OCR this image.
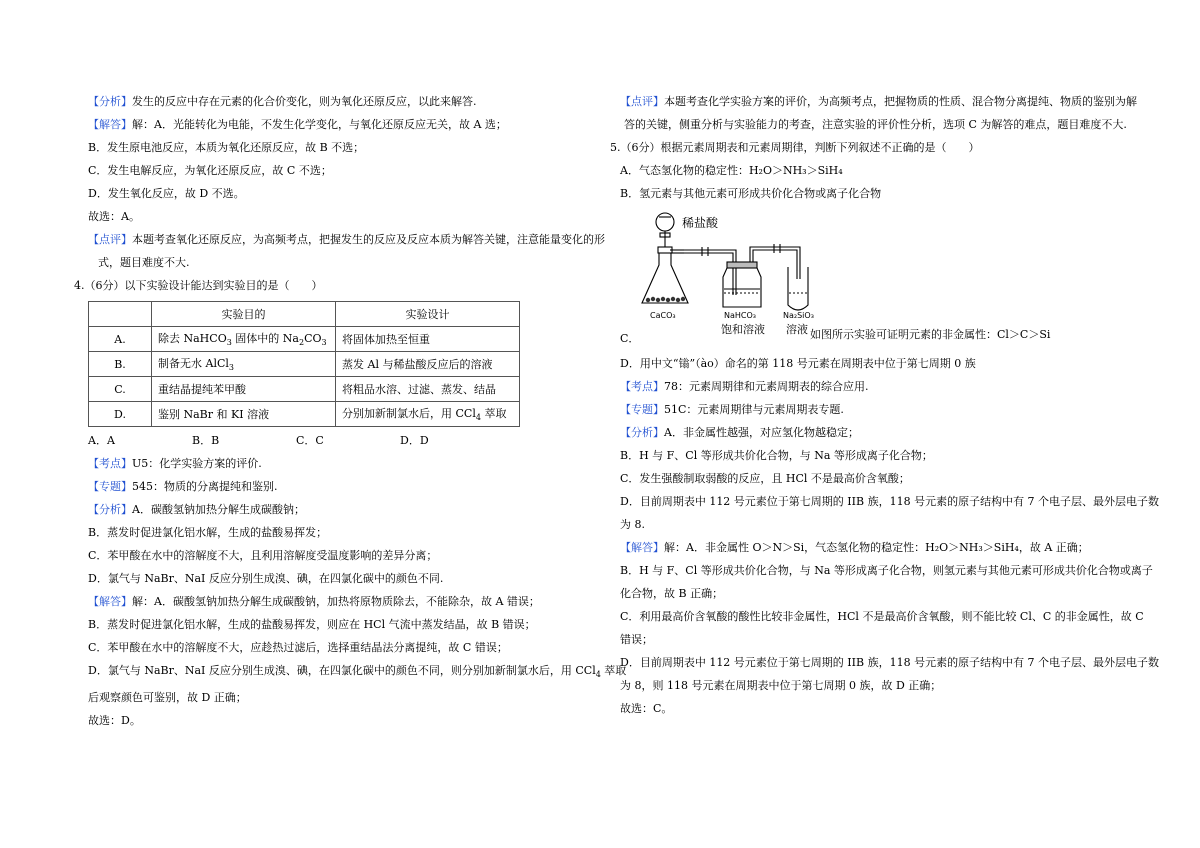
【分析】发生的反应中存在元素的化合价变化，则为氧化还原反应，以此来解答.

【解答】解：A．光能转化为电能，不发生化学变化，与氧化还原反应无关，故 A 选；

B．发生原电池反应，本质为氧化还原反应，故 B 不选；

C．发生电解反应，为氧化还原反应，故 C 不选；

D．发生氧化反应，故 D 不选。

故选：A。

【点评】本题考查氧化还原反应，为高频考点，把握发生的反应及反应本质为解答关键，注意能量变化的形

式，题目难度不大.

4.（6分）以下实验设计能达到实验目的是（　　）

	实验目的	实验设计
A.	除去 NaHCO$_3$ 固体中的 $Na_2CO_3$	将固体加热至恒重
B.	制备无水 AlCl$_3$	蒸发 Al 与稀盐酸反应后的溶液
C.	重结晶提纯苯甲酸	将粗品水溶、过滤、蒸发、结晶
D.	鉴别 NaBr 和 KI 溶液	分别加新制氯水后，用 CCl$_4$ 萃取

A．A	B．B	C．C	D．D

【考点】U5：化学实验方案的评价.

【专题】545：物质的分离提纯和鉴别.

【分析】A．碳酸氢钠加热分解生成碳酸钠；

B．蒸发时促进氯化铝水解，生成的盐酸易挥发；

C．苯甲酸在水中的溶解度不大，且利用溶解度受温度影响的差异分离；

D．氯气与 NaBr、NaI 反应分别生成溴、碘，在四氯化碳中的颜色不同.

【解答】解：A．碳酸氢钠加热分解生成碳酸钠，加热将原物质除去，不能除杂，故 A 错误；

B．蒸发时促进氯化铝水解，生成的盐酸易挥发，则应在 HCl 气流中蒸发结晶，故 B 错误；

C．苯甲酸在水中的溶解度不大，应趁热过滤后，选择重结晶法分离提纯，故 C 错误；

D．氯气与 NaBr、NaI 反应分别生成溴、碘，在四氯化碳中的颜色不同，则分别加新制氯水后，用 CCl$_4$ 萃取

后观察颜色可鉴别，故 D 正确；

故选：D。

【点评】本题考查化学实验方案的评价，为高频考点，把握物质的性质、混合物分离提纯、物质的鉴别为解

答的关键，侧重分析与实验能力的考查，注意实验的评价性分析，选项 C 为解答的难点，题目难度不大.

5.（6分）根据元素周期表和元素周期律，判断下列叙述不正确的是（　　）

A．气态氢化物的稳定性：H₂O＞NH₃＞SiH₄

B．氢元素与其他元素可形成共价化合物或离子化合物

C．
稀盐酸
CaCO₃	NaHCO₃	Na₂SiO₃
饱和溶液 溶液 如图所示实验可证明元素的非金属性：Cl＞C＞Si

D．用中文“𬭩”（ào）命名的第 118 号元素在周期表中位于第七周期 0 族

【考点】78：元素周期律和元素周期表的综合应用.

【专题】51C：元素周期律与元素周期表专题.

【分析】A．非金属性越强，对应氢化物越稳定；

B．H 与 F、Cl 等形成共价化合物，与 Na 等形成离子化合物；

C．发生强酸制取弱酸的反应，且 HCl 不是最高价含氧酸；

D．目前周期表中 112 号元素位于第七周期的 IIB 族，118 号元素的原子结构中有 7 个电子层、最外层电子数

为 8.

【解答】解：A．非金属性 O＞N＞Si，气态氢化物的稳定性：H₂O＞NH₃＞SiH₄，故 A 正确；

B．H 与 F、Cl 等形成共价化合物，与 Na 等形成离子化合物，则氢元素与其他元素可形成共价化合物或离子

化合物，故 B 正确；

C．利用最高价含氧酸的酸性比较非金属性，HCl 不是最高价含氧酸，则不能比较 Cl、C 的非金属性，故 C

错误；

D．目前周期表中 112 号元素位于第七周期的 IIB 族，118 号元素的原子结构中有 7 个电子层、最外层电子数

为 8，则 118 号元素在周期表中位于第七周期 0 族，故 D 正确；

故选：C。
